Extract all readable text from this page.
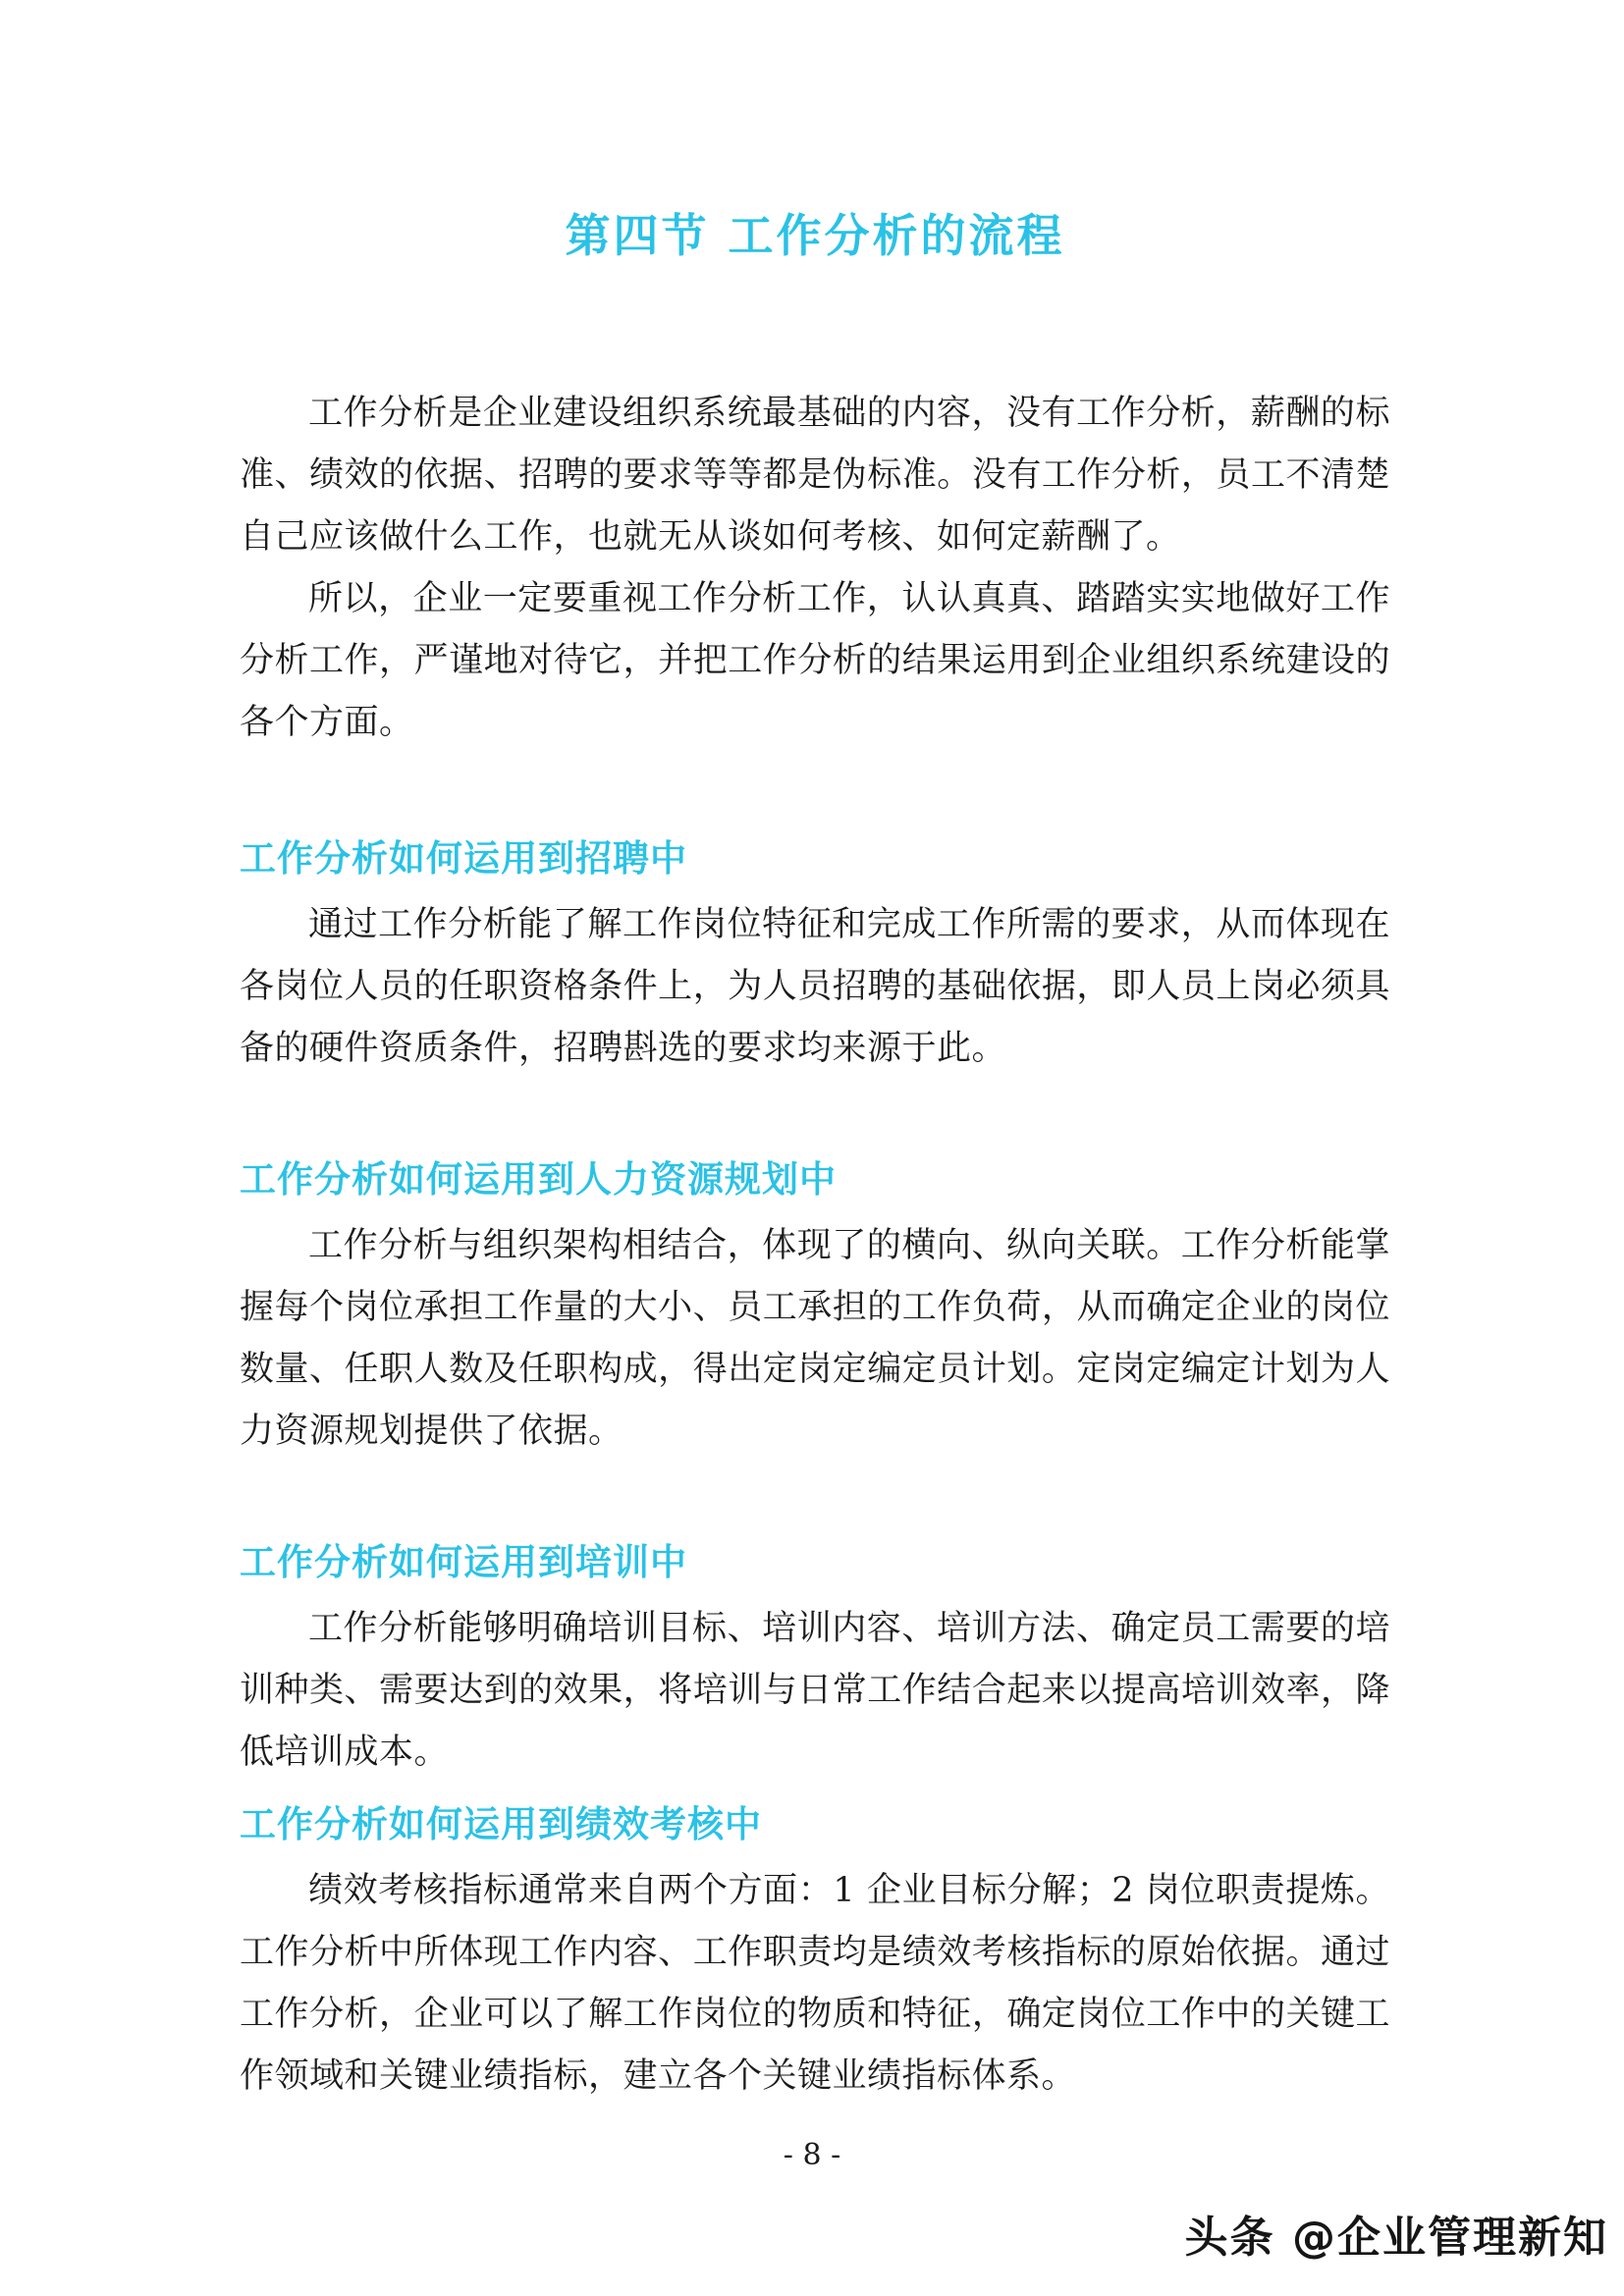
第四节 工作分析的流程

工作分析是企业建设组织系统最基础的内容，没有工作分析，薪酬的标准、绩效的依据、招聘的要求等等都是伪标准。没有工作分析，员工不清楚自己应该做什么工作，也就无从谈如何考核、如何定薪酬了。

所以，企业一定要重视工作分析工作，认认真真、踏踏实实地做好工作分析工作，严谨地对待它，并把工作分析的结果运用到企业组织系统建设的各个方面。

工作分析如何运用到招聘中

通过工作分析能了解工作岗位特征和完成工作所需的要求，从而体现在各岗位人员的任职资格条件上，为人员招聘的基础依据，即人员上岗必须具备的硬件资质条件，招聘斟选的要求均来源于此。

工作分析如何运用到人力资源规划中

工作分析与组织架构相结合，体现了的横向、纵向关联。工作分析能掌握每个岗位承担工作量的大小、员工承担的工作负荷，从而确定企业的岗位数量、任职人数及任职构成，得出定岗定编定员计划。定岗定编定计划为人力资源规划提供了依据。

工作分析如何运用到培训中

工作分析能够明确培训目标、培训内容、培训方法、确定员工需要的培训种类、需要达到的效果，将培训与日常工作结合起来以提高培训效率，降低培训成本。

工作分析如何运用到绩效考核中

绩效考核指标通常来自两个方面：1 企业目标分解；2 岗位职责提炼。工作分析中所体现工作内容、工作职责均是绩效考核指标的原始依据。通过工作分析，企业可以了解工作岗位的物质和特征，确定岗位工作中的关键工作领域和关键业绩指标，建立各个关键业绩指标体系。

- 8 -
头条 @企业管理新知
